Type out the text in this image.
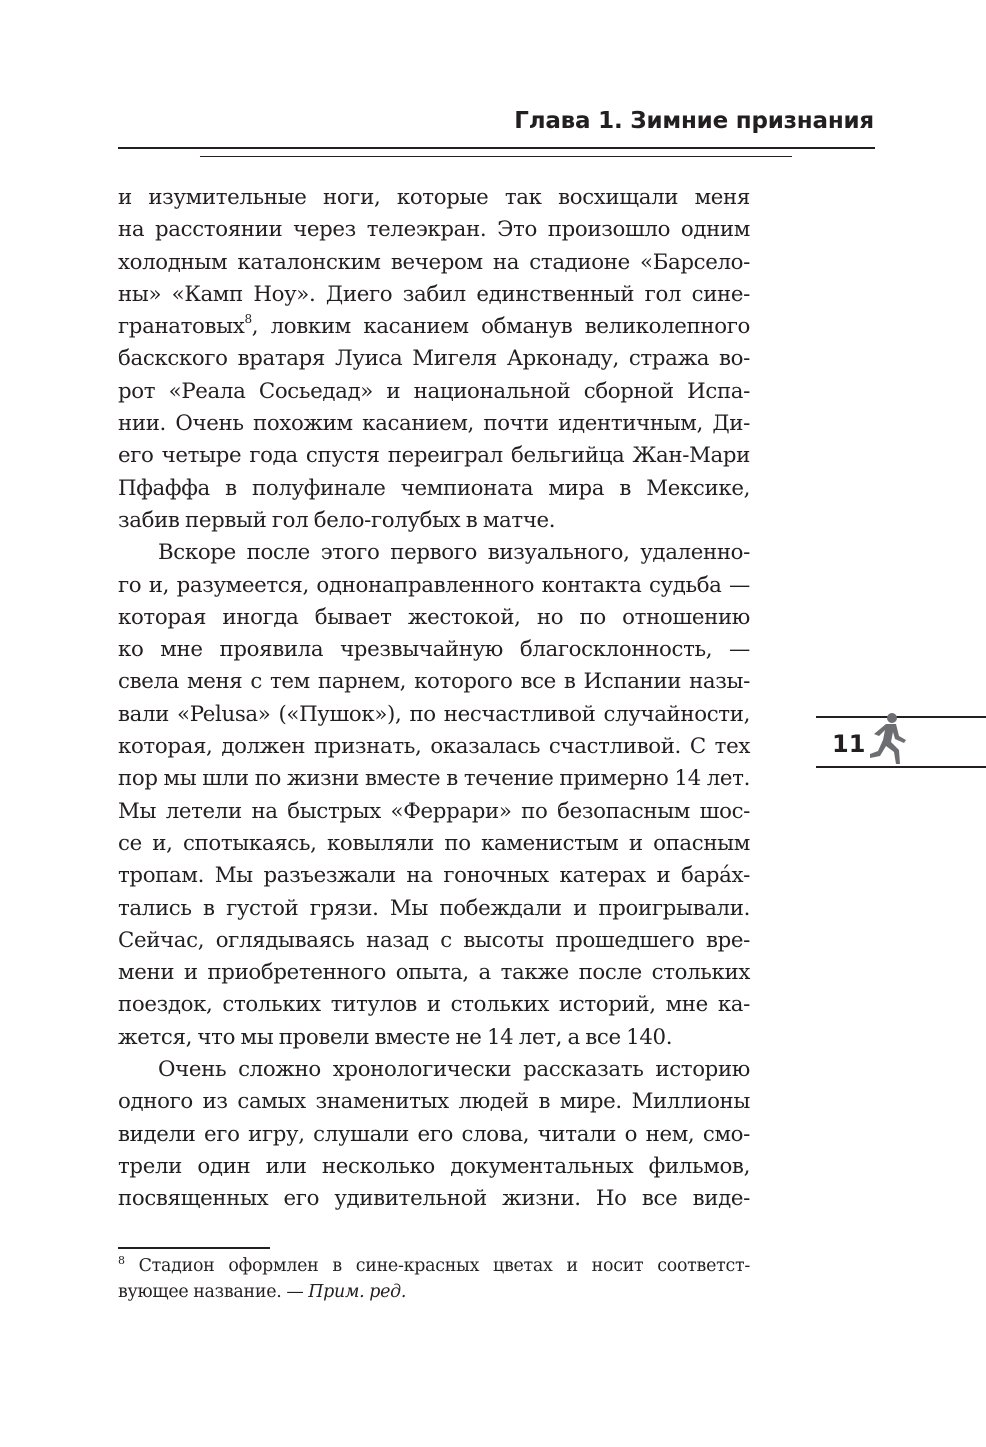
Глава 1. Зимние признания
и изумительные ноги, которые так восхищали меня
на расстоянии через телеэкран. Это произошло одним
холодным каталонским вечером на стадионе «Барсело-
ны» «Камп Ноу». Диего забил единственный гол сине-
гранатовых$^8$, ловким касанием обманув великолепного
баскского вратаря Луиса Мигеля Арконаду, стража во-
рот «Реала Сосьедад» и национальной сборной Испа-
нии. Очень похожим касанием, почти идентичным, Ди-
его четыре года спустя переиграл бельгийца Жан-Мари
Пфаффа в полуфинале чемпионата мира в Мексике,
забив первый гол бело-голубых в матче.
Вскоре после этого первого визуального, удаленно-
го и, разумеется, однонаправленного контакта судьба —
которая иногда бывает жестокой, но по отношению
ко мне проявила чрезвычайную благосклонность, —
свела меня с тем парнем, которого все в Испании назы-
вали «Pelusa» («Пушок»), по несчастливой случайности,
которая, должен признать, оказалась счастливой. С тех
пор мы шли по жизни вместе в течение примерно 14 лет.
Мы летели на быстрых «Феррари» по безопасным шос-
се и, спотыкаясь, ковыляли по каменистым и опасным
тропам. Мы разъезжали на гоночных катерах и бара́х-
тались в густой грязи. Мы побеждали и проигрывали.
Сейчас, оглядываясь назад с высоты прошедшего вре-
мени и приобретенного опыта, а также после стольких
поездок, стольких титулов и стольких историй, мне ка-
жется, что мы провели вместе не 14 лет, а все 140.
Очень сложно хронологически рассказать историю
одного из самых знаменитых людей в мире. Миллионы
видели его игру, слушали его слова, читали о нем, смо-
трели один или несколько документальных фильмов,
посвященных его удивительной жизни. Но все виде-
11
$^8$ Стадион оформлен в сине-красных цветах и носит соответст-
вующее название. — Прим. ред.
